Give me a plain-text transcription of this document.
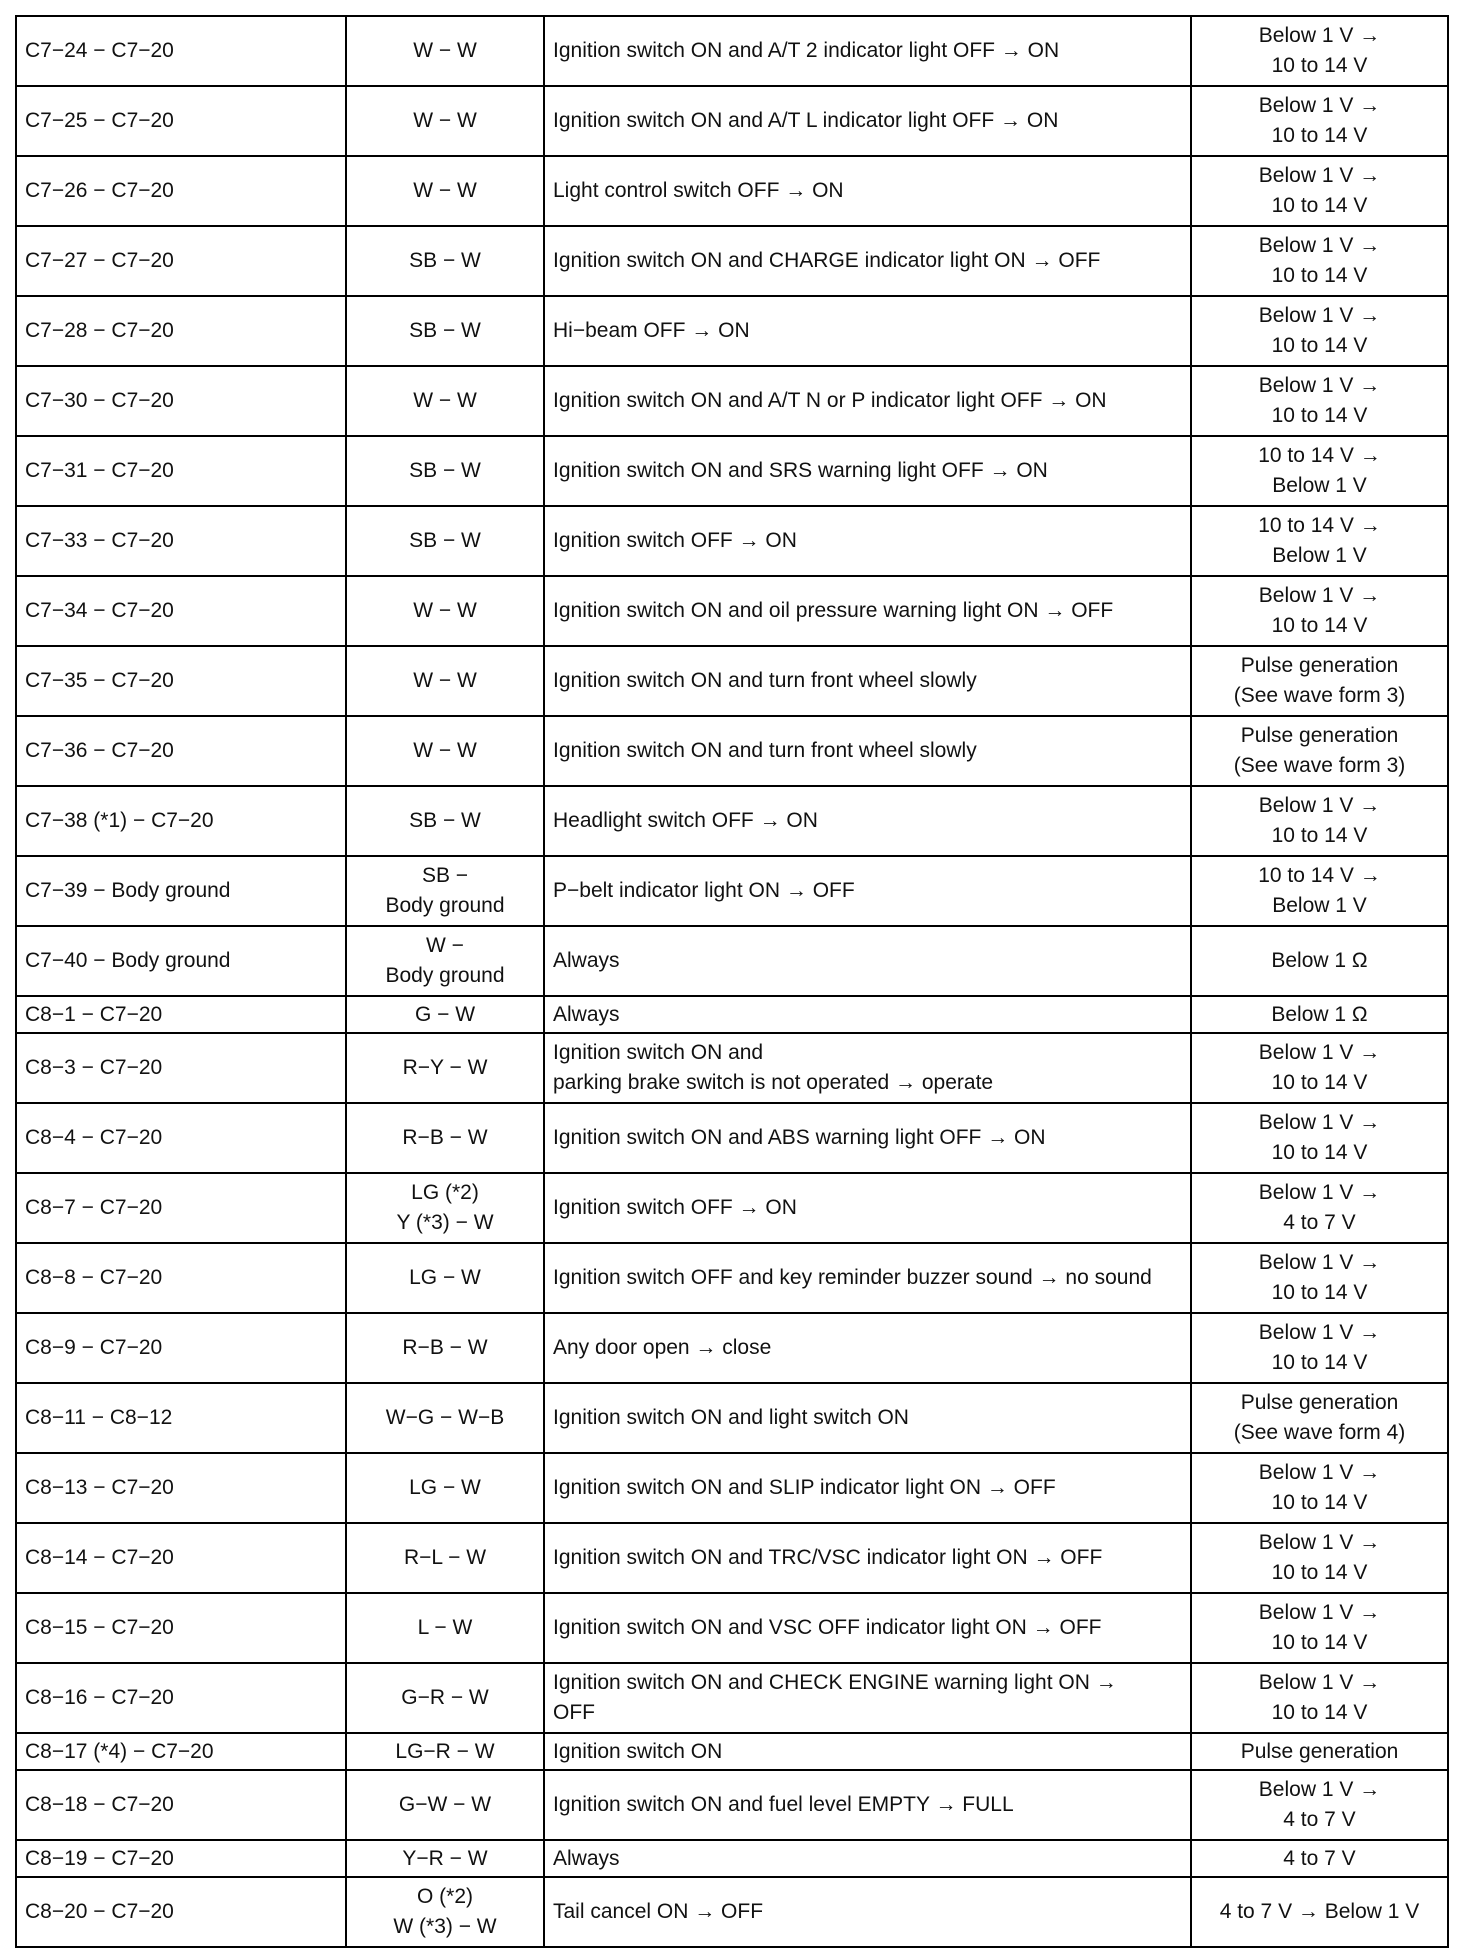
C7−24 − C7−20	W − W	Ignition switch ON and A/T 2 indicator light OFF → ON	Below 1 V →
10 to 14 V
C7−25 − C7−20	W − W	Ignition switch ON and A/T L indicator light OFF → ON	Below 1 V →
10 to 14 V
C7−26 − C7−20	W − W	Light control switch OFF → ON	Below 1 V →
10 to 14 V
C7−27 − C7−20	SB − W	Ignition switch ON and CHARGE indicator light ON → OFF	Below 1 V →
10 to 14 V
C7−28 − C7−20	SB − W	Hi−beam OFF → ON	Below 1 V →
10 to 14 V
C7−30 − C7−20	W − W	Ignition switch ON and A/T N or P indicator light OFF → ON	Below 1 V →
10 to 14 V
C7−31 − C7−20	SB − W	Ignition switch ON and SRS warning light OFF → ON	10 to 14 V →
Below 1 V
C7−33 − C7−20	SB − W	Ignition switch OFF → ON	10 to 14 V →
Below 1 V
C7−34 − C7−20	W − W	Ignition switch ON and oil pressure warning light ON → OFF	Below 1 V →
10 to 14 V
C7−35 − C7−20	W − W	Ignition switch ON and turn front wheel slowly	Pulse generation
(See wave form 3)
C7−36 − C7−20	W − W	Ignition switch ON and turn front wheel slowly	Pulse generation
(See wave form 3)
C7−38 (*1) − C7−20	SB − W	Headlight switch OFF → ON	Below 1 V →
10 to 14 V
C7−39 − Body ground	SB −
Body ground	P−belt indicator light ON → OFF	10 to 14 V →
Below 1 V
C7−40 − Body ground	W −
Body ground	Always	Below 1 Ω
C8−1 − C7−20	G − W	Always	Below 1 Ω
C8−3 − C7−20	R−Y − W	Ignition switch ON and
parking brake switch is not operated → operate	Below 1 V →
10 to 14 V
C8−4 − C7−20	R−B − W	Ignition switch ON and ABS warning light OFF → ON	Below 1 V →
10 to 14 V
C8−7 − C7−20	LG (*2)
Y (*3) − W	Ignition switch OFF → ON	Below 1 V →
4 to 7 V
C8−8 − C7−20	LG − W	Ignition switch OFF and key reminder buzzer sound → no sound	Below 1 V →
10 to 14 V
C8−9 − C7−20	R−B − W	Any door open → close	Below 1 V →
10 to 14 V
C8−11 − C8−12	W−G − W−B	Ignition switch ON and light switch ON	Pulse generation
(See wave form 4)
C8−13 − C7−20	LG − W	Ignition switch ON and SLIP indicator light ON → OFF	Below 1 V →
10 to 14 V
C8−14 − C7−20	R−L − W	Ignition switch ON and TRC/VSC indicator light ON → OFF	Below 1 V →
10 to 14 V
C8−15 − C7−20	L − W	Ignition switch ON and VSC OFF indicator light ON → OFF	Below 1 V →
10 to 14 V
C8−16 − C7−20	G−R − W	Ignition switch ON and CHECK ENGINE warning light ON →
OFF	Below 1 V →
10 to 14 V
C8−17 (*4) − C7−20	LG−R − W	Ignition switch ON	Pulse generation
C8−18 − C7−20	G−W − W	Ignition switch ON and fuel level EMPTY → FULL	Below 1 V →
4 to 7 V
C8−19 − C7−20	Y−R − W	Always	4 to 7 V
C8−20 − C7−20	O (*2)
W (*3) − W	Tail cancel ON → OFF	4 to 7 V → Below 1 V
